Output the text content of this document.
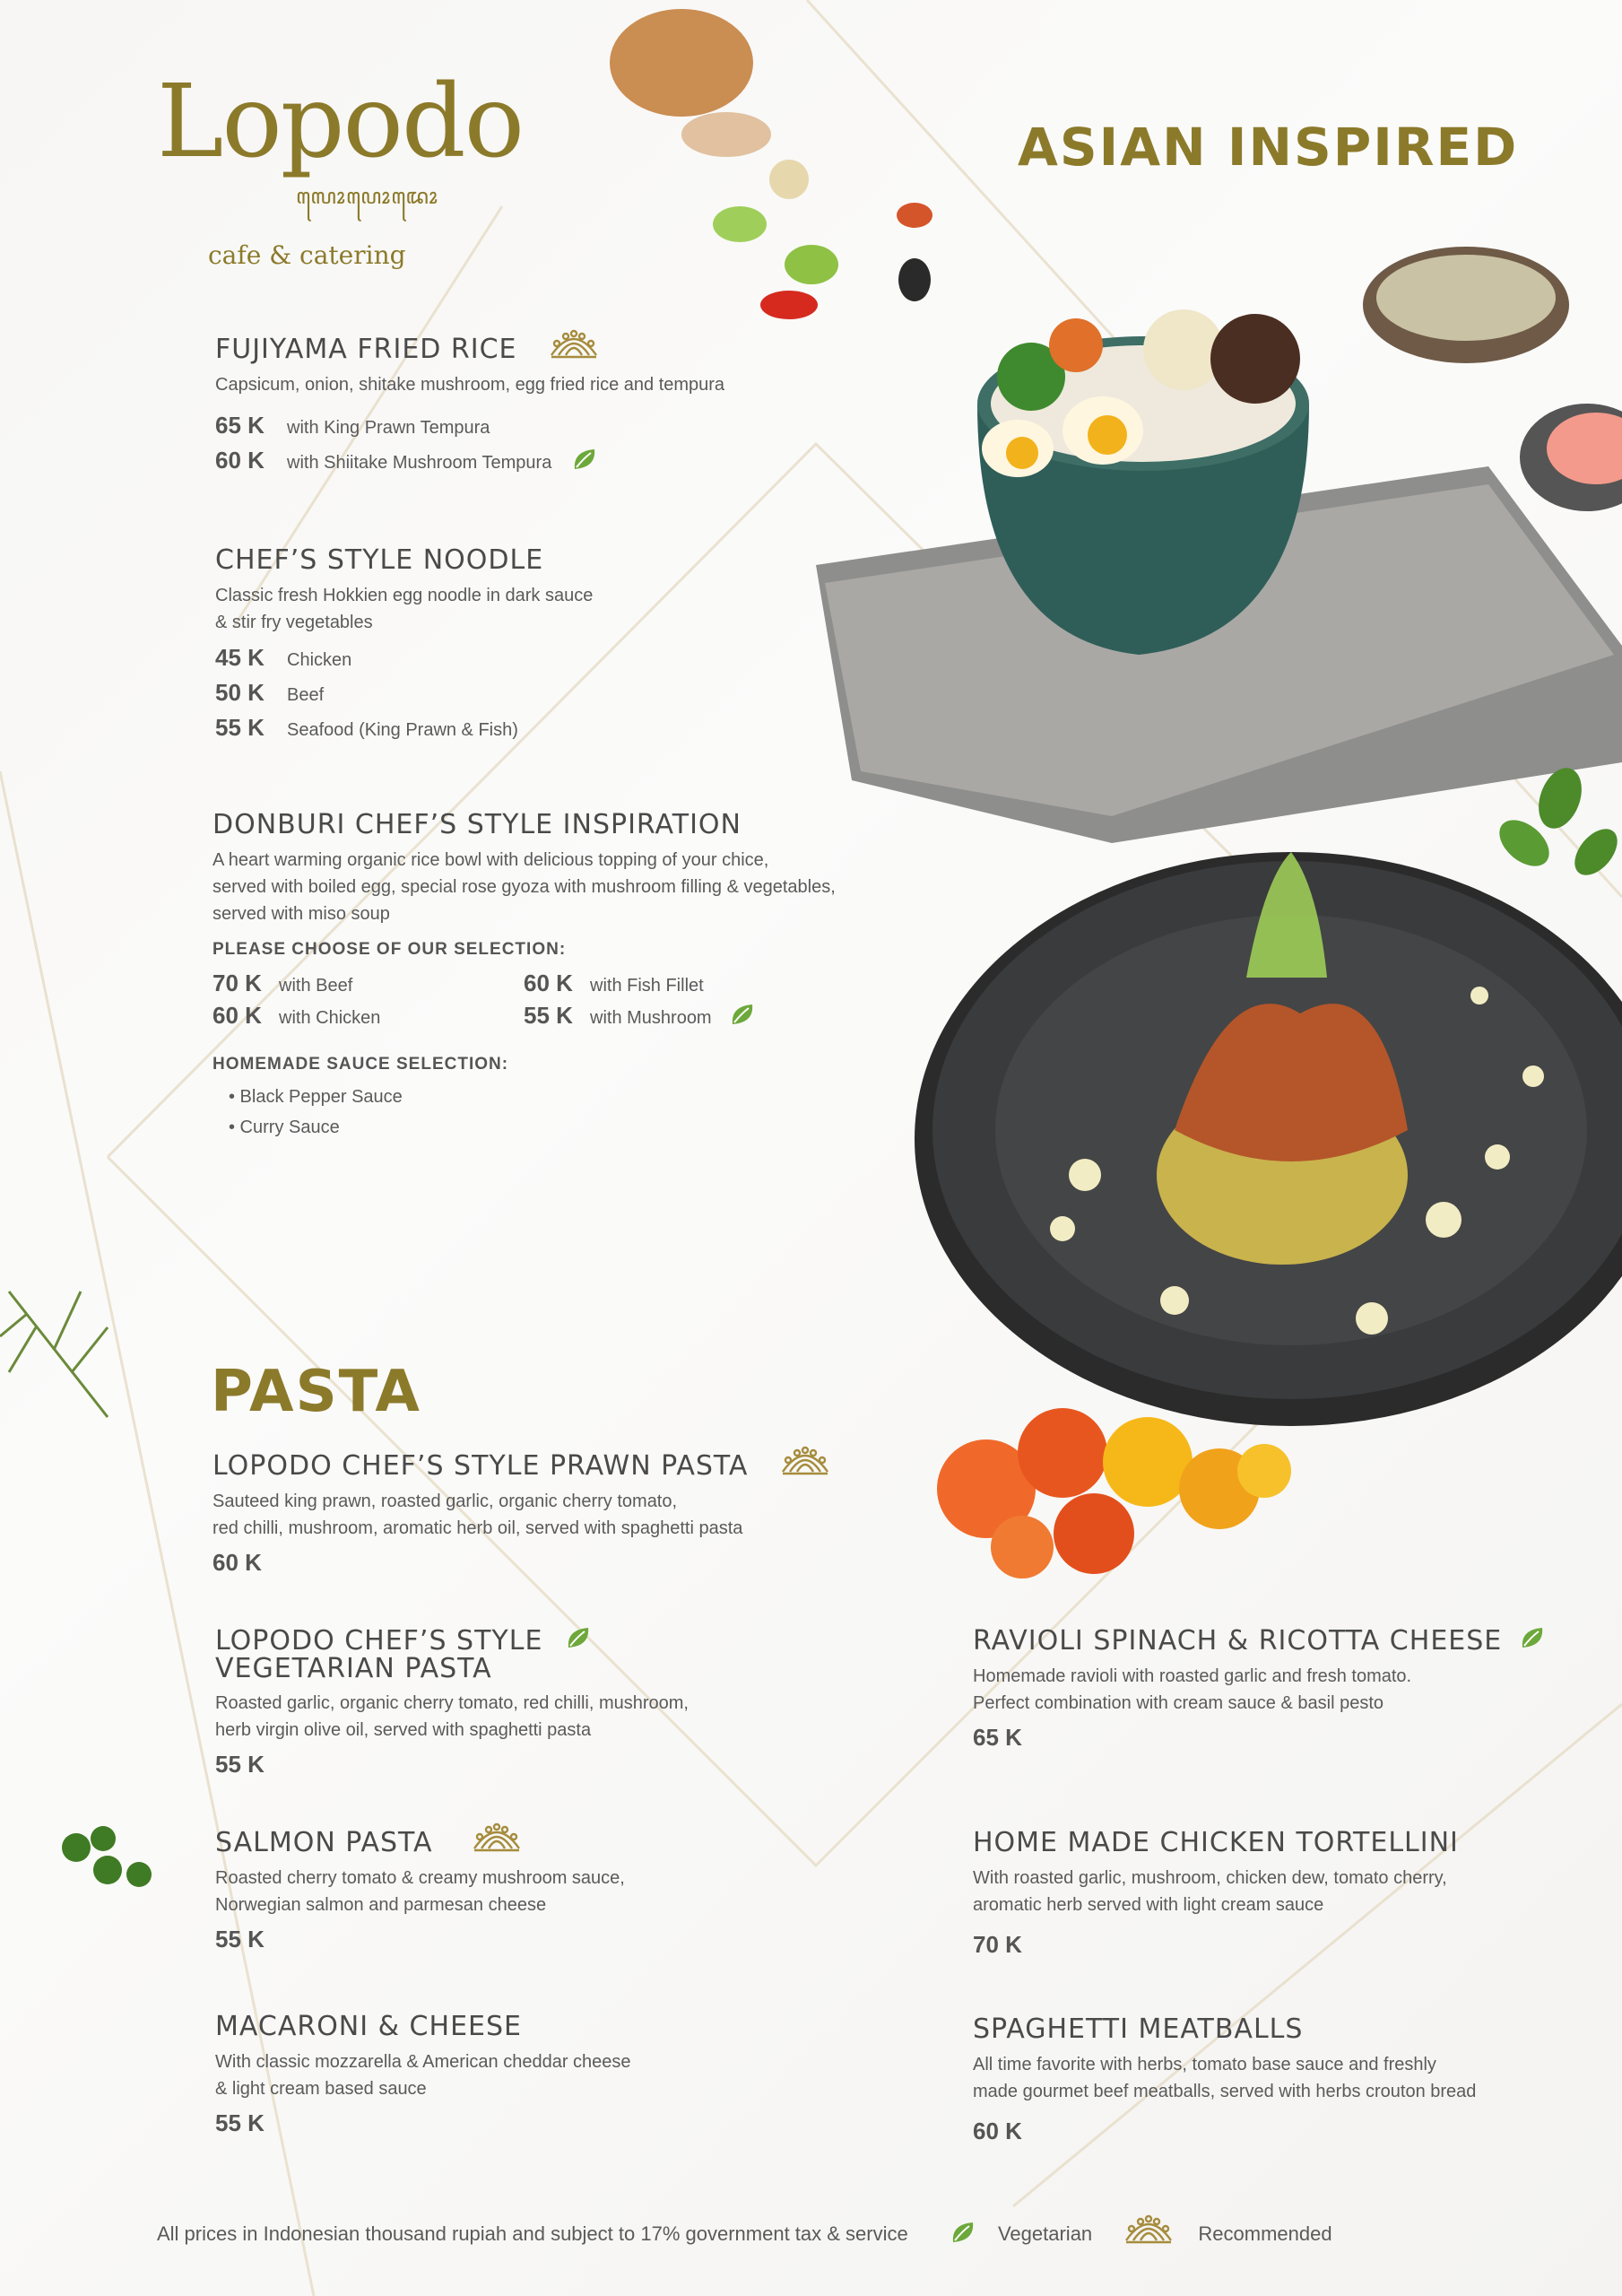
Lopodo
ꦭꦺꦴꦥꦺꦴꦢꦺꦴ
cafe & catering
ASIAN INSPIRED
FUJIYAMA FRIED RICE
Capsicum, onion, shitake mushroom, egg fried rice and tempura
65 K with King Prawn Tempura
60 K with Shiitake Mushroom Tempura
CHEF’S STYLE NOODLE
Classic fresh Hokkien egg noodle in dark sauce
& stir fry vegetables
45 K Chicken
50 K Beef
55 K Seafood (King Prawn & Fish)
DONBURI CHEF’S STYLE INSPIRATION
A heart warming organic rice bowl with delicious topping of your chice,
served with boiled egg, special rose gyoza with mushroom filling & vegetables,
served with miso soup
PLEASE CHOOSE OF OUR SELECTION:
70 K with Beef
60 K with Chicken
60 K with Fish Fillet
55 K with Mushroom
HOMEMADE SAUCE SELECTION:
• Black Pepper Sauce
• Curry Sauce
PASTA
LOPODO CHEF’S STYLE PRAWN PASTA
Sauteed king prawn, roasted garlic, organic cherry tomato,
red chilli, mushroom, aromatic herb oil, served with spaghetti pasta
60 K
LOPODO CHEF’S STYLE
VEGETARIAN PASTA
Roasted garlic, organic cherry tomato, red chilli, mushroom,
herb virgin olive oil, served with spaghetti pasta
55 K
SALMON PASTA
Roasted cherry tomato & creamy mushroom sauce,
Norwegian salmon and parmesan cheese
55 K
MACARONI & CHEESE
With classic mozzarella & American cheddar cheese
& light cream based sauce
55 K
RAVIOLI SPINACH & RICOTTA CHEESE
Homemade ravioli with roasted garlic and fresh tomato.
Perfect combination with cream sauce & basil pesto
65 K
HOME MADE CHICKEN TORTELLINI
With roasted garlic, mushroom, chicken dew, tomato cherry,
aromatic herb served with light cream sauce
70 K
SPAGHETTI MEATBALLS
All time favorite with herbs, tomato base sauce and freshly
made gourmet beef meatballs, served with herbs crouton bread
60 K
All prices in Indonesian thousand rupiah and subject to 17% government tax & service	Vegetarian	Recommended
